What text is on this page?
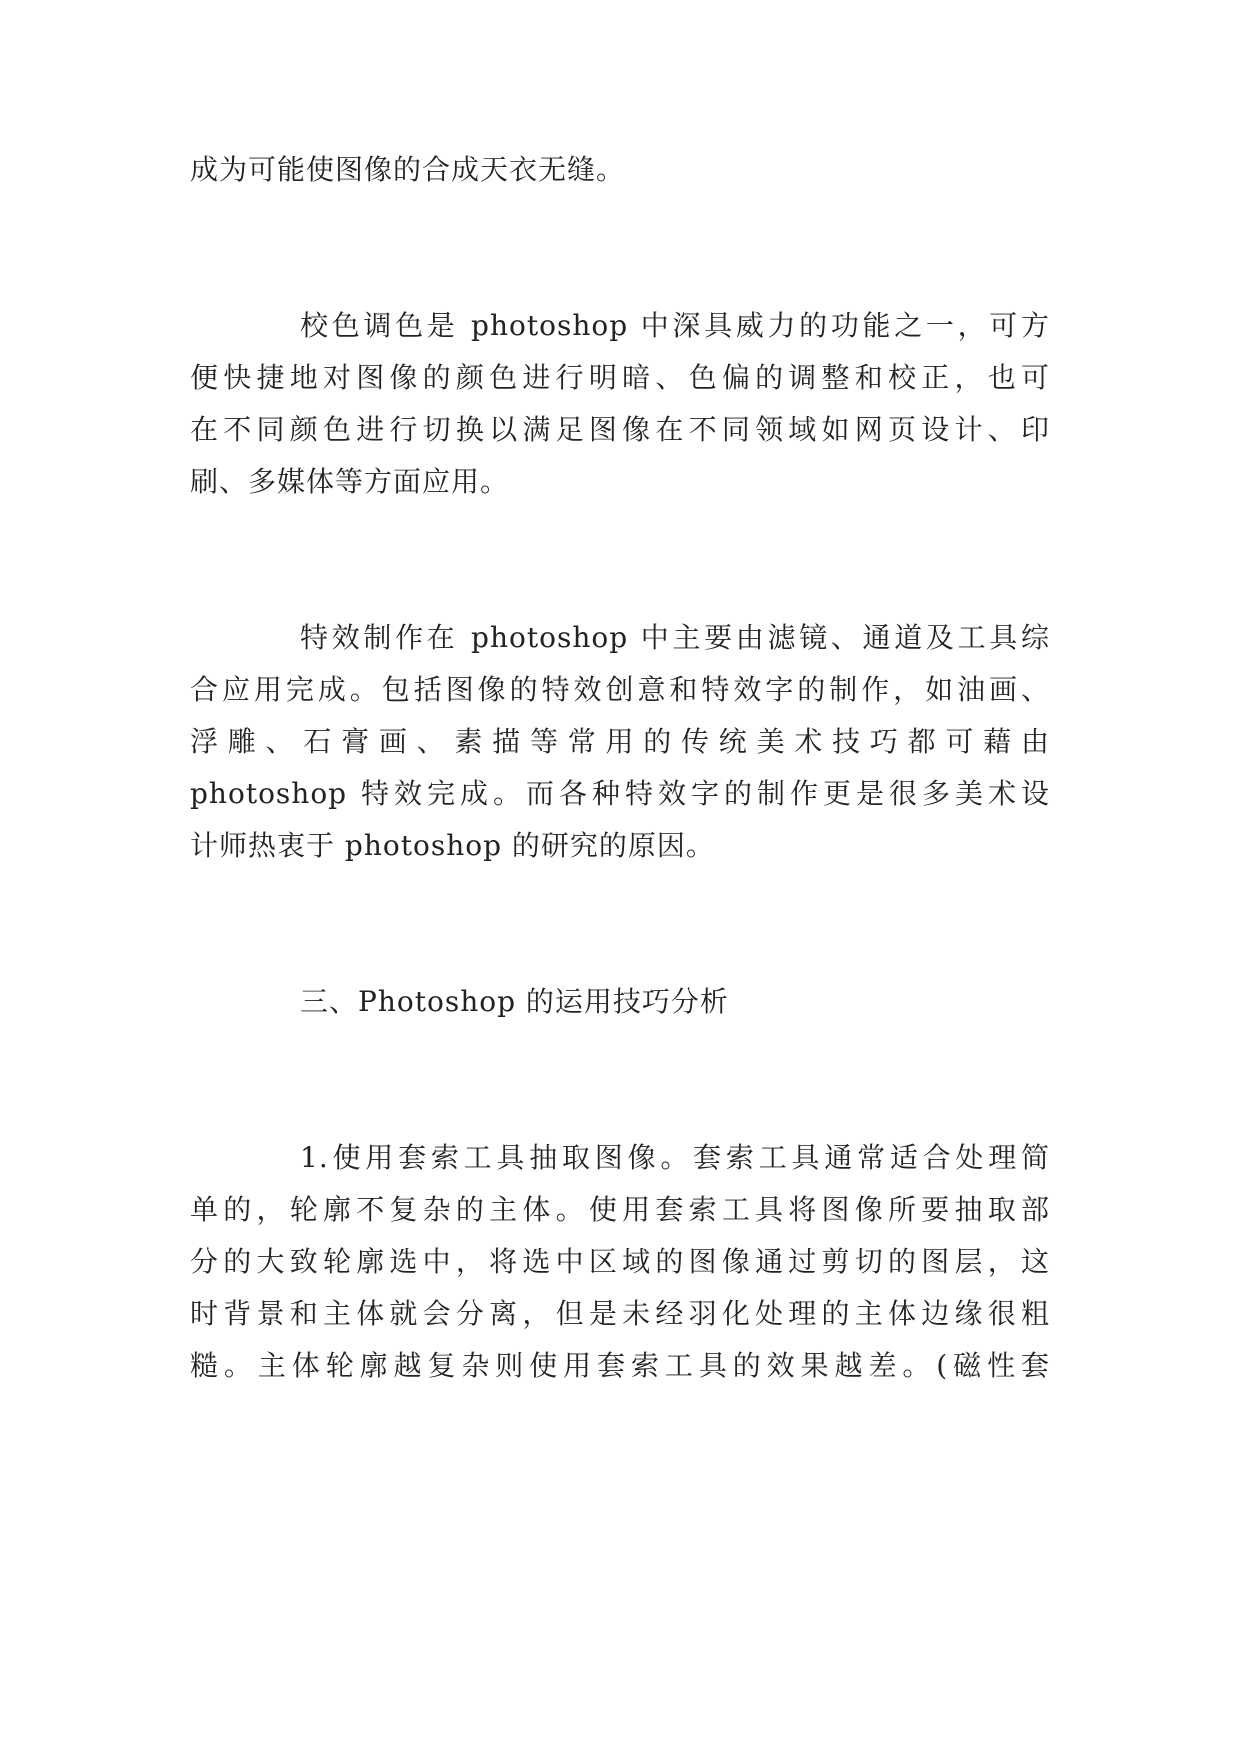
成为可能使图像的合成天衣无缝。
校色调色是 photoshop 中深具威力的功能之一，可方
便快捷地对图像的颜色进行明暗、色偏的调整和校正，也可
在不同颜色进行切换以满足图像在不同领域如网页设计、印
刷、多媒体等方面应用。
特效制作在 photoshop 中主要由滤镜、通道及工具综
合应用完成。包括图像的特效创意和特效字的制作，如油画、
浮雕、石膏画、素描等常用的传统美术技巧都可藉由
photoshop 特效完成。而各种特效字的制作更是很多美术设
计师热衷于 photoshop 的研究的原因。
三、Photoshop 的运用技巧分析
1.使用套索工具抽取图像。套索工具通常适合处理简
单的，轮廓不复杂的主体。使用套索工具将图像所要抽取部
分的大致轮廓选中，将选中区域的图像通过剪切的图层，这
时背景和主体就会分离，但是未经羽化处理的主体边缘很粗
糙。主体轮廓越复杂则使用套索工具的效果越差。(磁性套
